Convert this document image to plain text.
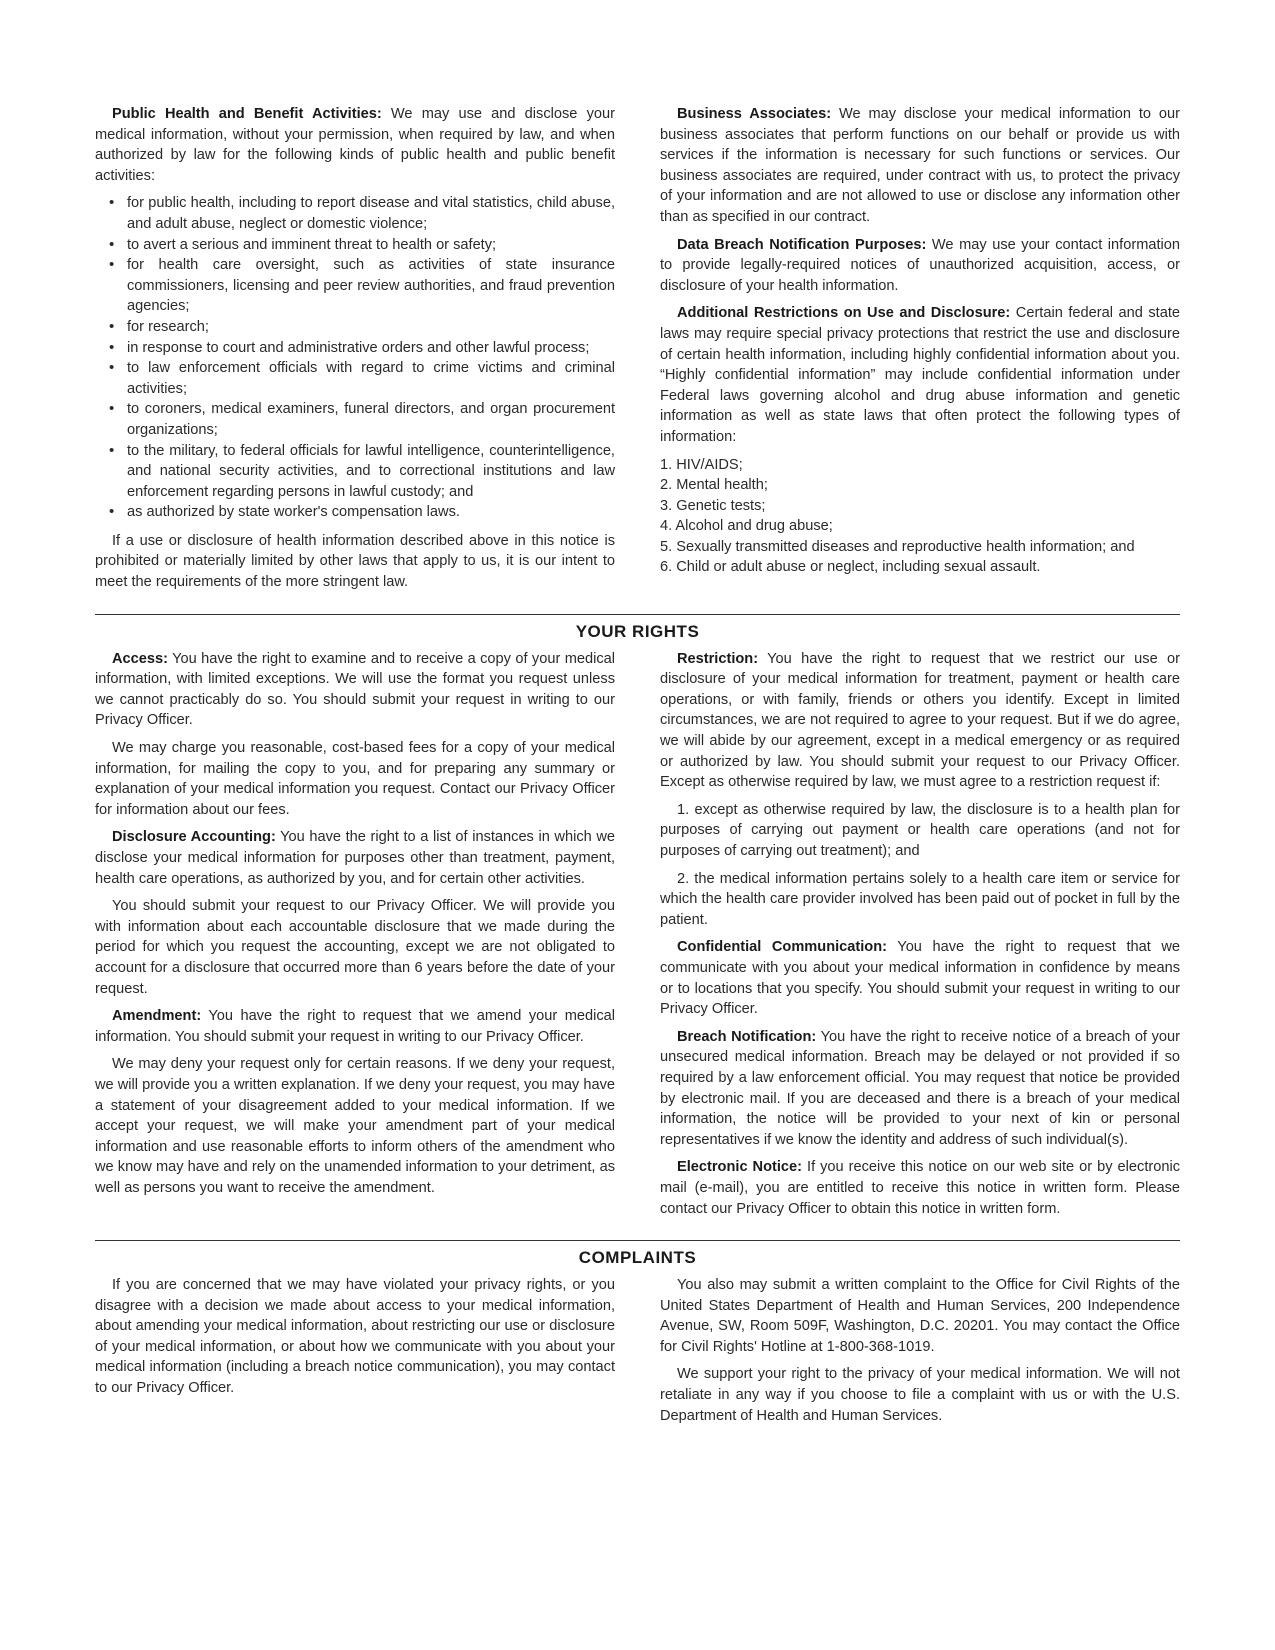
Public Health and Benefit Activities: We may use and disclose your medical information, without your permission, when required by law, and when authorized by law for the following kinds of public health and public benefit activities:

• for public health, including to report disease and vital statistics, child abuse, and adult abuse, neglect or domestic violence;
• to avert a serious and imminent threat to health or safety;
• for health care oversight, such as activities of state insurance commissioners, licensing and peer review authorities, and fraud prevention agencies;
• for research;
• in response to court and administrative orders and other lawful process;
• to law enforcement officials with regard to crime victims and criminal activities;
• to coroners, medical examiners, funeral directors, and organ procurement organizations;
• to the military, to federal officials for lawful intelligence, counterintelligence, and national security activities, and to correctional institutions and law enforcement regarding persons in lawful custody; and
• as authorized by state worker's compensation laws.

If a use or disclosure of health information described above in this notice is prohibited or materially limited by other laws that apply to us, it is our intent to meet the requirements of the more stringent law.

Business Associates: We may disclose your medical information to our business associates that perform functions on our behalf or provide us with services if the information is necessary for such functions or services. Our business associates are required, under contract with us, to protect the privacy of your information and are not allowed to use or disclose any information other than as specified in our contract.

Data Breach Notification Purposes: We may use your contact information to provide legally-required notices of unauthorized acquisition, access, or disclosure of your health information.

Additional Restrictions on Use and Disclosure: Certain federal and state laws may require special privacy protections that restrict the use and disclosure of certain health information, including highly confidential information about you. “Highly confidential information” may include confidential information under Federal laws governing alcohol and drug abuse information and genetic information as well as state laws that often protect the following types of information:

1. HIV/AIDS;
2. Mental health;
3. Genetic tests;
4. Alcohol and drug abuse;
5. Sexually transmitted diseases and reproductive health information; and
6. Child or adult abuse or neglect, including sexual assault.
YOUR RIGHTS

Access: You have the right to examine and to receive a copy of your medical information, with limited exceptions. We will use the format you request unless we cannot practicably do so. You should submit your request in writing to our Privacy Officer.

We may charge you reasonable, cost-based fees for a copy of your medical information, for mailing the copy to you, and for preparing any summary or explanation of your medical information you request. Contact our Privacy Officer for information about our fees.

Disclosure Accounting: You have the right to a list of instances in which we disclose your medical information for purposes other than treatment, payment, health care operations, as authorized by you, and for certain other activities.

You should submit your request to our Privacy Officer. We will provide you with information about each accountable disclosure that we made during the period for which you request the accounting, except we are not obligated to account for a disclosure that occurred more than 6 years before the date of your request.

Amendment: You have the right to request that we amend your medical information. You should submit your request in writing to our Privacy Officer.

We may deny your request only for certain reasons. If we deny your request, we will provide you a written explanation. If we deny your request, you may have a statement of your disagreement added to your medical information. If we accept your request, we will make your amendment part of your medical information and use reasonable efforts to inform others of the amendment who we know may have and rely on the unamended information to your detriment, as well as persons you want to receive the amendment.

Restriction: You have the right to request that we restrict our use or disclosure of your medical information for treatment, payment or health care operations, or with family, friends or others you identify. Except in limited circumstances, we are not required to agree to your request. But if we do agree, we will abide by our agreement, except in a medical emergency or as required or authorized by law. You should submit your request to our Privacy Officer. Except as otherwise required by law, we must agree to a restriction request if:

1. except as otherwise required by law, the disclosure is to a health plan for purposes of carrying out payment or health care operations (and not for purposes of carrying out treatment); and

2. the medical information pertains solely to a health care item or service for which the health care provider involved has been paid out of pocket in full by the patient.

Confidential Communication: You have the right to request that we communicate with you about your medical information in confidence by means or to locations that you specify. You should submit your request in writing to our Privacy Officer.

Breach Notification: You have the right to receive notice of a breach of your unsecured medical information. Breach may be delayed or not provided if so required by a law enforcement official. You may request that notice be provided by electronic mail. If you are deceased and there is a breach of your medical information, the notice will be provided to your next of kin or personal representatives if we know the identity and address of such individual(s).

Electronic Notice: If you receive this notice on our web site or by electronic mail (e-mail), you are entitled to receive this notice in written form. Please contact our Privacy Officer to obtain this notice in written form.

COMPLAINTS

If you are concerned that we may have violated your privacy rights, or you disagree with a decision we made about access to your medical information, about amending your medical information, about restricting our use or disclosure of your medical information, or about how we communicate with you about your medical information (including a breach notice communication), you may contact to our Privacy Officer.

You also may submit a written complaint to the Office for Civil Rights of the United States Department of Health and Human Services, 200 Independence Avenue, SW, Room 509F, Washington, D.C. 20201. You may contact the Office for Civil Rights' Hotline at 1-800-368-1019.

We support your right to the privacy of your medical information. We will not retaliate in any way if you choose to file a complaint with us or with the U.S. Department of Health and Human Services.
